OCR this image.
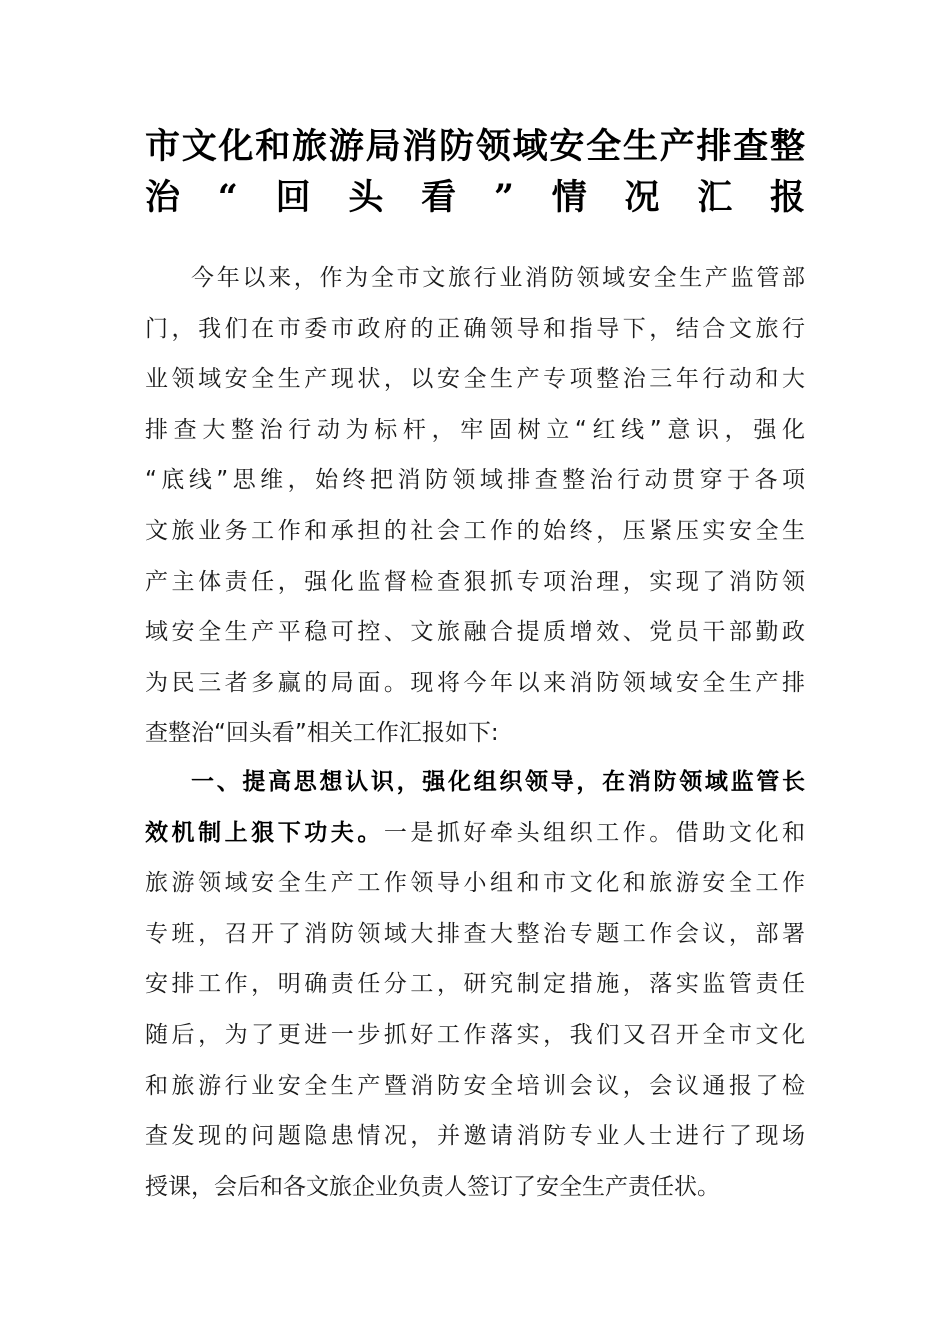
市文化和旅游局消防领域安全生产排查整
治“回头看”情况汇报
今年以来，作为全市文旅行业消防领域安全生产监管部
门，我们在市委市政府的正确领导和指导下，结合文旅行
业领域安全生产现状，以安全生产专项整治三年行动和大
排查大整治行动为标杆，牢固树立“红线”意识，强化
“底线”思维，始终把消防领域排查整治行动贯穿于各项
文旅业务工作和承担的社会工作的始终，压紧压实安全生
产主体责任，强化监督检查狠抓专项治理，实现了消防领
域安全生产平稳可控、文旅融合提质增效、党员干部勤政
为民三者多赢的局面。现将今年以来消防领域安全生产排
查整治“回头看”相关工作汇报如下:
一、提高思想认识，强化组织领导，在消防领域监管长
效机制上狠下功夫。一是抓好牵头组织工作。借助文化和
旅游领域安全生产工作领导小组和市文化和旅游安全工作
专班，召开了消防领域大排查大整治专题工作会议，部署
安排工作，明确责任分工，研究制定措施，落实监管责任
随后，为了更进一步抓好工作落实，我们又召开全市文化
和旅游行业安全生产暨消防安全培训会议，会议通报了检
查发现的问题隐患情况，并邀请消防专业人士进行了现场
授课，会后和各文旅企业负责人签订了安全生产责任状。
